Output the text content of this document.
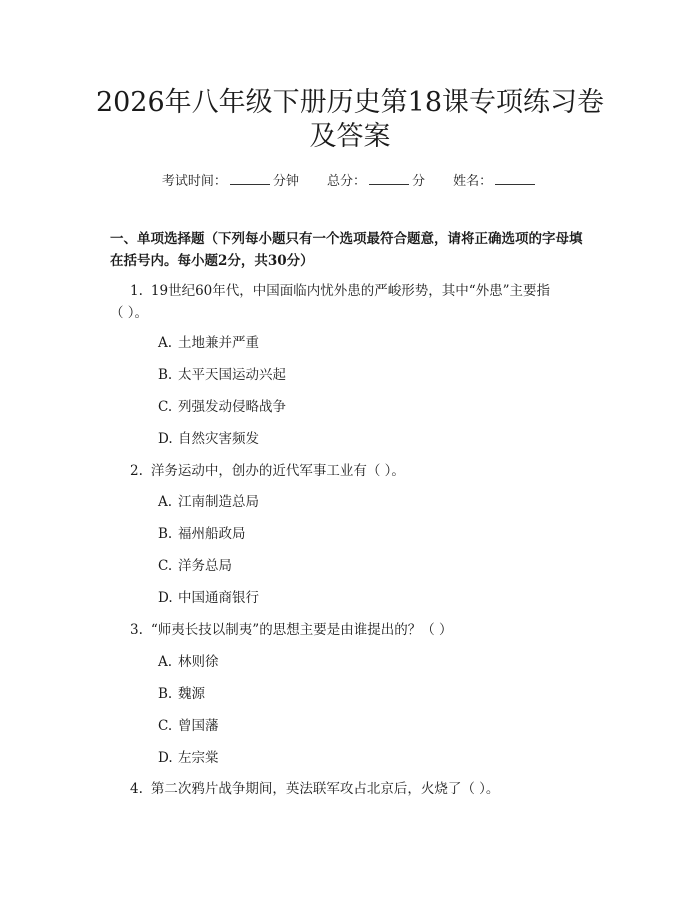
2026年八年级下册历史第18课专项练习卷
及答案
考试时间：	分钟 总分：	分 姓名：
一、单项选择题（下列每小题只有一个选项最符合题意，请将正确选项的字母填
在括号内。每小题2分，共30分）
1. 19世纪60年代，中国面临内忧外患的严峻形势，其中“外患”主要指
（ ）。
A. 土地兼并严重
B. 太平天国运动兴起
C. 列强发动侵略战争
D. 自然灾害频发
2. 洋务运动中，创办的近代军事工业有（ ）。
A. 江南制造总局
B. 福州船政局
C. 洋务总局
D. 中国通商银行
3. “师夷长技以制夷”的思想主要是由谁提出的？（ ）
A. 林则徐
B. 魏源
C. 曾国藩
D. 左宗棠
4. 第二次鸦片战争期间，英法联军攻占北京后，火烧了（ ）。
